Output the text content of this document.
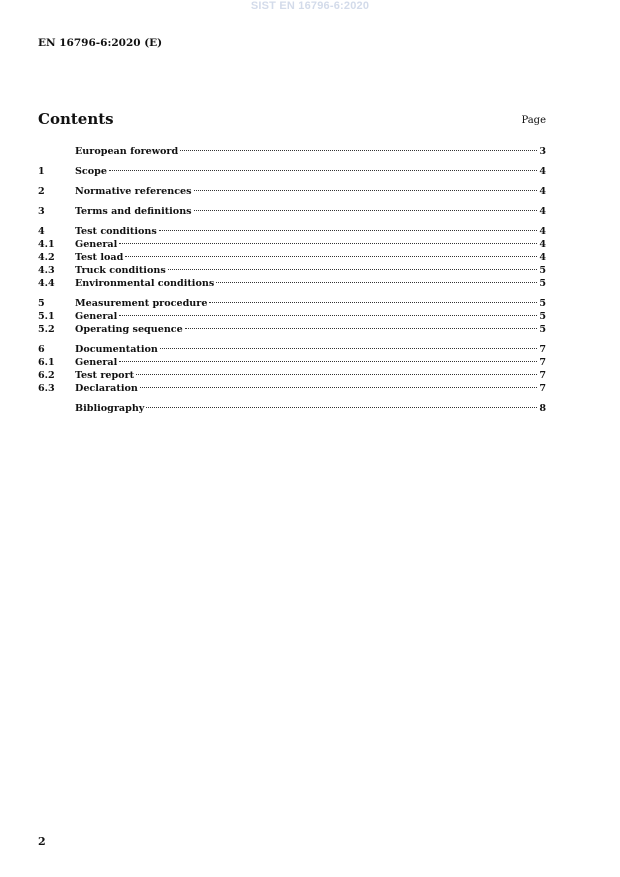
SIST EN 16796-6:2020
EN 16796-6:2020 (E)
Contents	Page
European foreword	3
1	Scope	4
2	Normative references	4
3	Terms and definitions	4
4	Test conditions	4
4.1	General	4
4.2	Test load	4
4.3	Truck conditions	5
4.4	Environmental conditions	5
5	Measurement procedure	5
5.1	General	5
5.2	Operating sequence	5
6	Documentation	7
6.1	General	7
6.2	Test report	7
6.3	Declaration	7
Bibliography	8
2
